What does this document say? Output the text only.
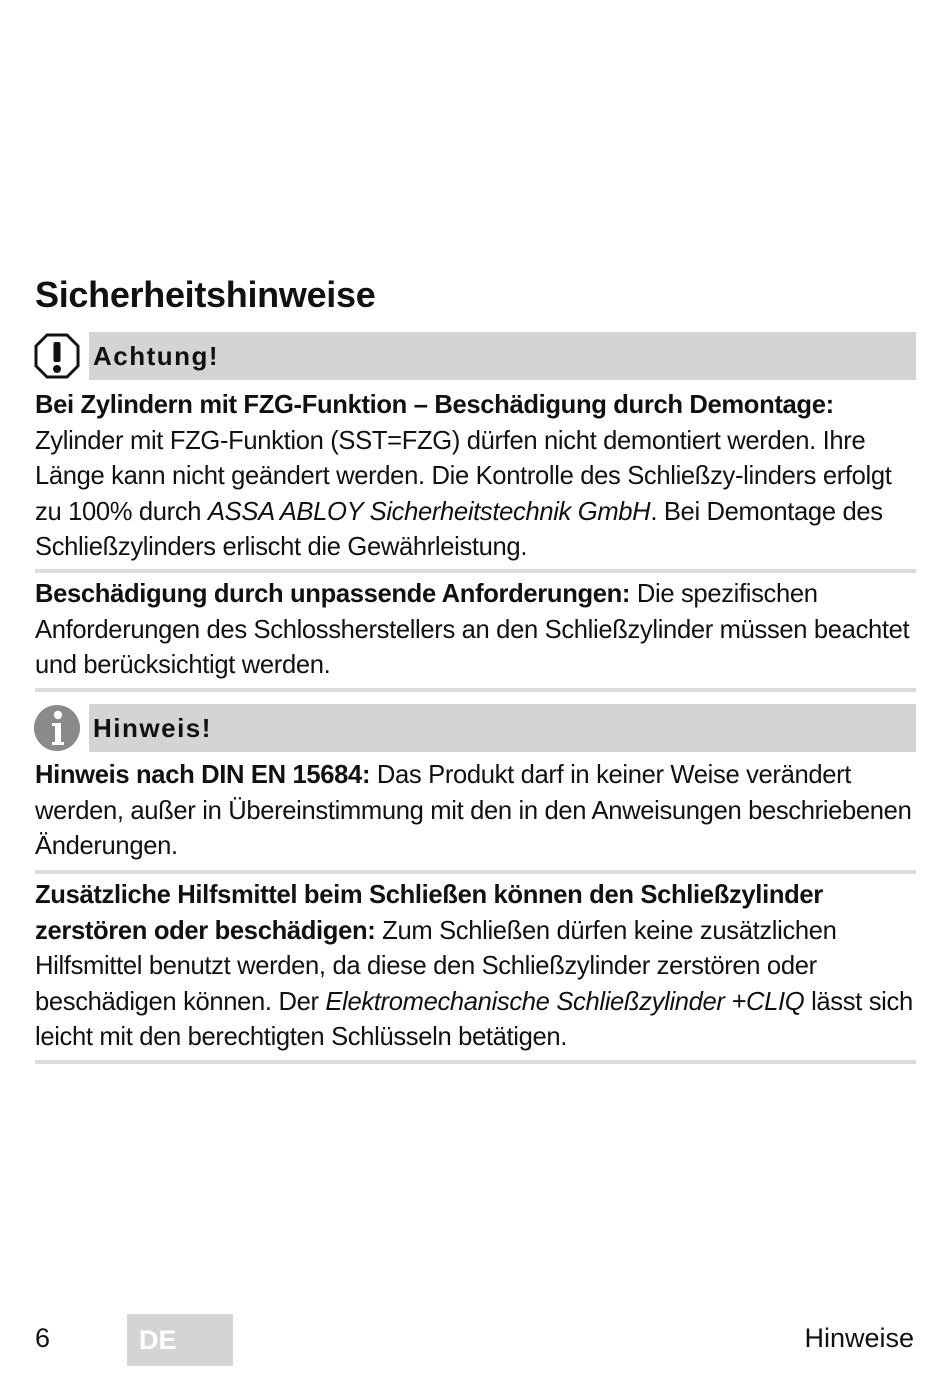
Sicherheitshinweise
Achtung!

Bei Zylindern mit FZG-Funktion – Beschädigung durch Demontage:
Zylinder mit FZG-Funktion (SST=FZG) dürfen nicht demontiert werden. Ihre Länge kann nicht geändert werden. Die Kontrolle des Schließzy-linders erfolgt zu 100% durch ASSA ABLOY Sicherheitstechnik GmbH. Bei Demontage des Schließzylinders erlischt die Gewährleistung.

Beschädigung durch unpassende Anforderungen: Die spezifischen Anforderungen des Schlossherstellers an den Schließzylinder müssen beachtet und berücksichtigt werden.

Hinweis!

Hinweis nach DIN EN 15684: Das Produkt darf in keiner Weise verändert werden, außer in Übereinstimmung mit den in den Anweisungen beschriebenen Änderungen.

Zusätzliche Hilfsmittel beim Schließen können den Schließzylinder zerstören oder beschädigen: Zum Schließen dürfen keine zusätzlichen Hilfsmittel benutzt werden, da diese den Schließzylinder zerstören oder beschädigen können. Der Elektromechanische Schließzylinder +CLIQ lässt sich leicht mit den berechtigten Schlüsseln betätigen.

6	DE	Hinweise
